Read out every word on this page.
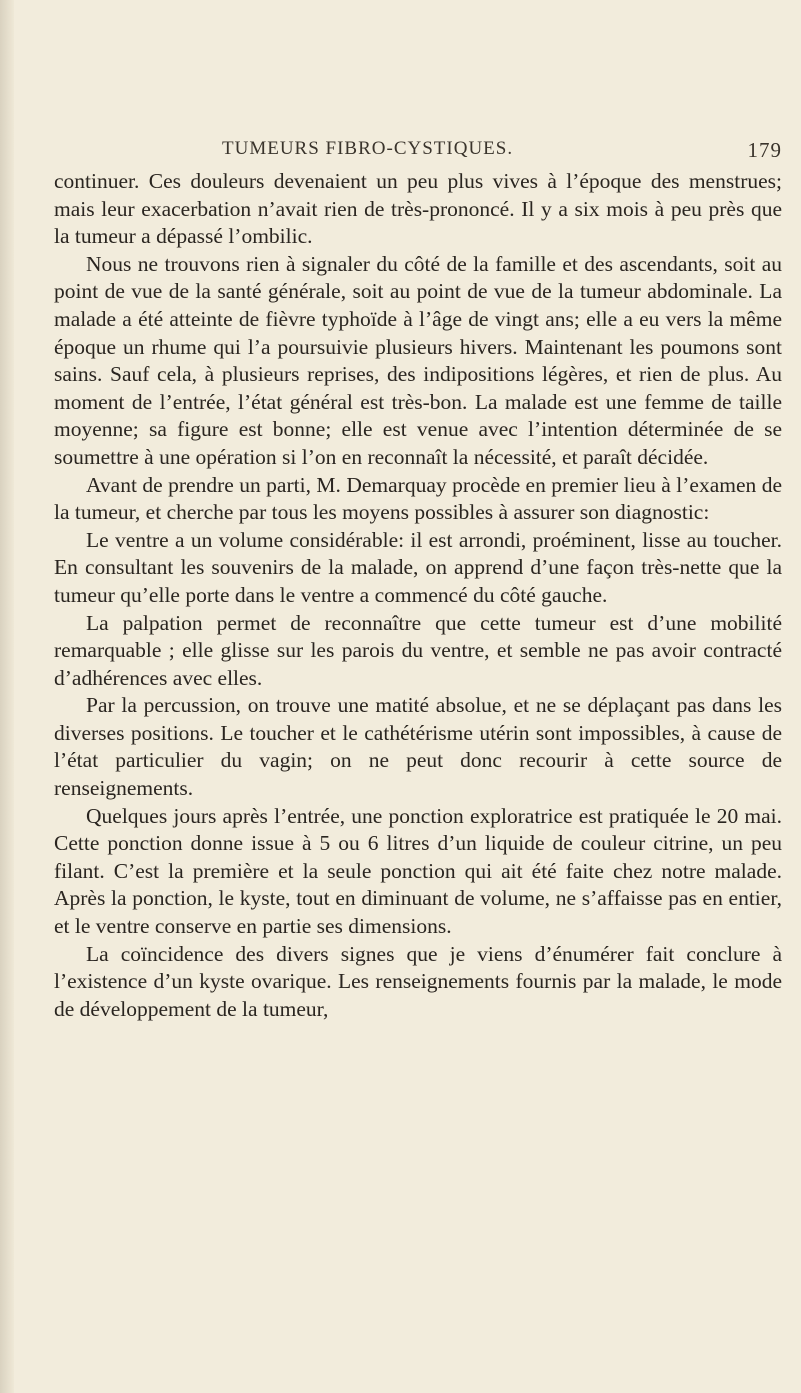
TUMEURS FIBRO-CYSTIQUES.	179

continuer. Ces douleurs devenaient un peu plus vives à l’époque des menstrues; mais leur exacerbation n’avait rien de très-prononcé. Il y a six mois à peu près que la tumeur a dépassé l’ombilic.

Nous ne trouvons rien à signaler du côté de la famille et des ascendants, soit au point de vue de la santé générale, soit au point de vue de la tumeur abdominale. La malade a été atteinte de fièvre typhoïde à l’âge de vingt ans; elle a eu vers la même époque un rhume qui l’a poursuivie plusieurs hivers. Maintenant les poumons sont sains. Sauf cela, à plusieurs reprises, des indipositions légères, et rien de plus. Au moment de l’entrée, l’état général est très-bon. La malade est une femme de taille moyenne; sa figure est bonne; elle est venue avec l’intention déterminée de se soumettre à une opération si l’on en reconnaît la nécessité, et paraît décidée.

Avant de prendre un parti, M. Demarquay procède en premier lieu à l’examen de la tumeur, et cherche par tous les moyens possibles à assurer son diagnostic:

Le ventre a un volume considérable: il est arrondi, proéminent, lisse au toucher. En consultant les souvenirs de la malade, on apprend d’une façon très-nette que la tumeur qu’elle porte dans le ventre a commencé du côté gauche.

La palpation permet de reconnaître que cette tumeur est d’une mobilité remarquable ; elle glisse sur les parois du ventre, et semble ne pas avoir contracté d’adhérences avec elles.

Par la percussion, on trouve une matité absolue, et ne se déplaçant pas dans les diverses positions. Le toucher et le cathétérisme utérin sont impossibles, à cause de l’état particulier du vagin; on ne peut donc recourir à cette source de renseignements.

Quelques jours après l’entrée, une ponction exploratrice est pratiquée le 20 mai. Cette ponction donne issue à 5 ou 6 litres d’un liquide de couleur citrine, un peu filant. C’est la première et la seule ponction qui ait été faite chez notre malade. Après la ponction, le kyste, tout en diminuant de volume, ne s’affaisse pas en entier, et le ventre conserve en partie ses dimensions.

La coïncidence des divers signes que je viens d’énumérer fait conclure à l’existence d’un kyste ovarique. Les renseignements fournis par la malade, le mode de développement de la tumeur,
